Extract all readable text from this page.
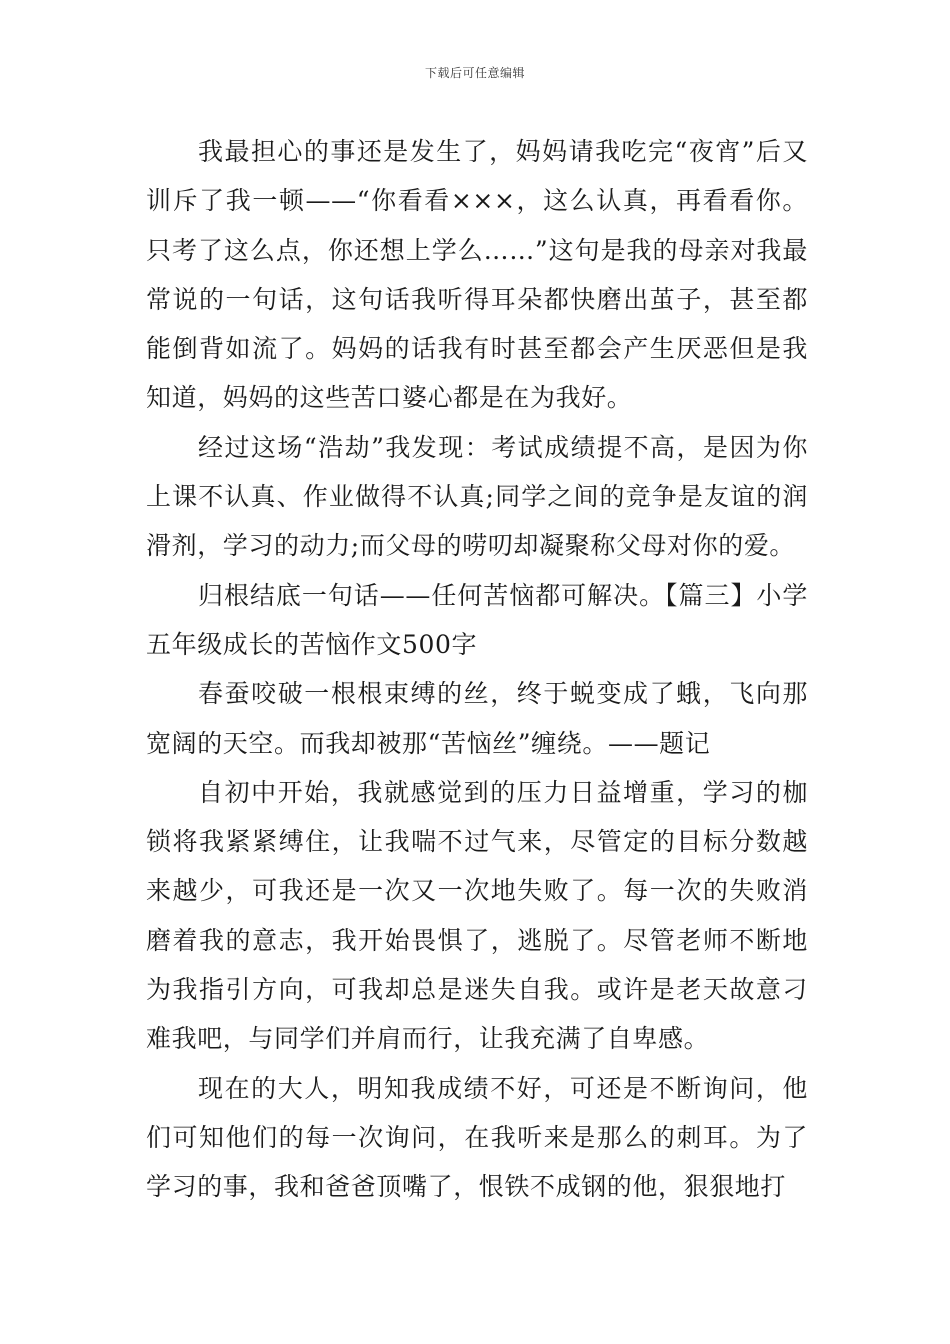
下载后可任意编辑

我最担心的事还是发生了，妈妈请我吃完“夜宵”后又训斥了我一顿——“你看看×××，这么认真，再看看你。只考了这么点，你还想上学么……”这句是我的母亲对我最常说的一句话，这句话我听得耳朵都快磨出茧子，甚至都能倒背如流了。妈妈的话我有时甚至都会产生厌恶但是我知道，妈妈的这些苦口婆心都是在为我好。

经过这场“浩劫”我发现：考试成绩提不高，是因为你上课不认真、作业做得不认真;同学之间的竞争是友谊的润滑剂，学习的动力;而父母的唠叨却凝聚称父母对你的爱。

归根结底一句话——任何苦恼都可解决。【篇三】小学五年级成长的苦恼作文500字

春蚕咬破一根根束缚的丝，终于蜕变成了蛾，飞向那宽阔的天空。而我却被那“苦恼丝”缠绕。——题记

自初中开始，我就感觉到的压力日益增重，学习的枷锁将我紧紧缚住，让我喘不过气来，尽管定的目标分数越来越少，可我还是一次又一次地失败了。每一次的失败消磨着我的意志，我开始畏惧了，逃脱了。尽管老师不断地为我指引方向，可我却总是迷失自我。或许是老天故意刁难我吧，与同学们并肩而行，让我充满了自卑感。

现在的大人，明知我成绩不好，可还是不断询问，他们可知他们的每一次询问，在我听来是那么的刺耳。为了学习的事，我和爸爸顶嘴了，恨铁不成钢的他，狠狠地打
